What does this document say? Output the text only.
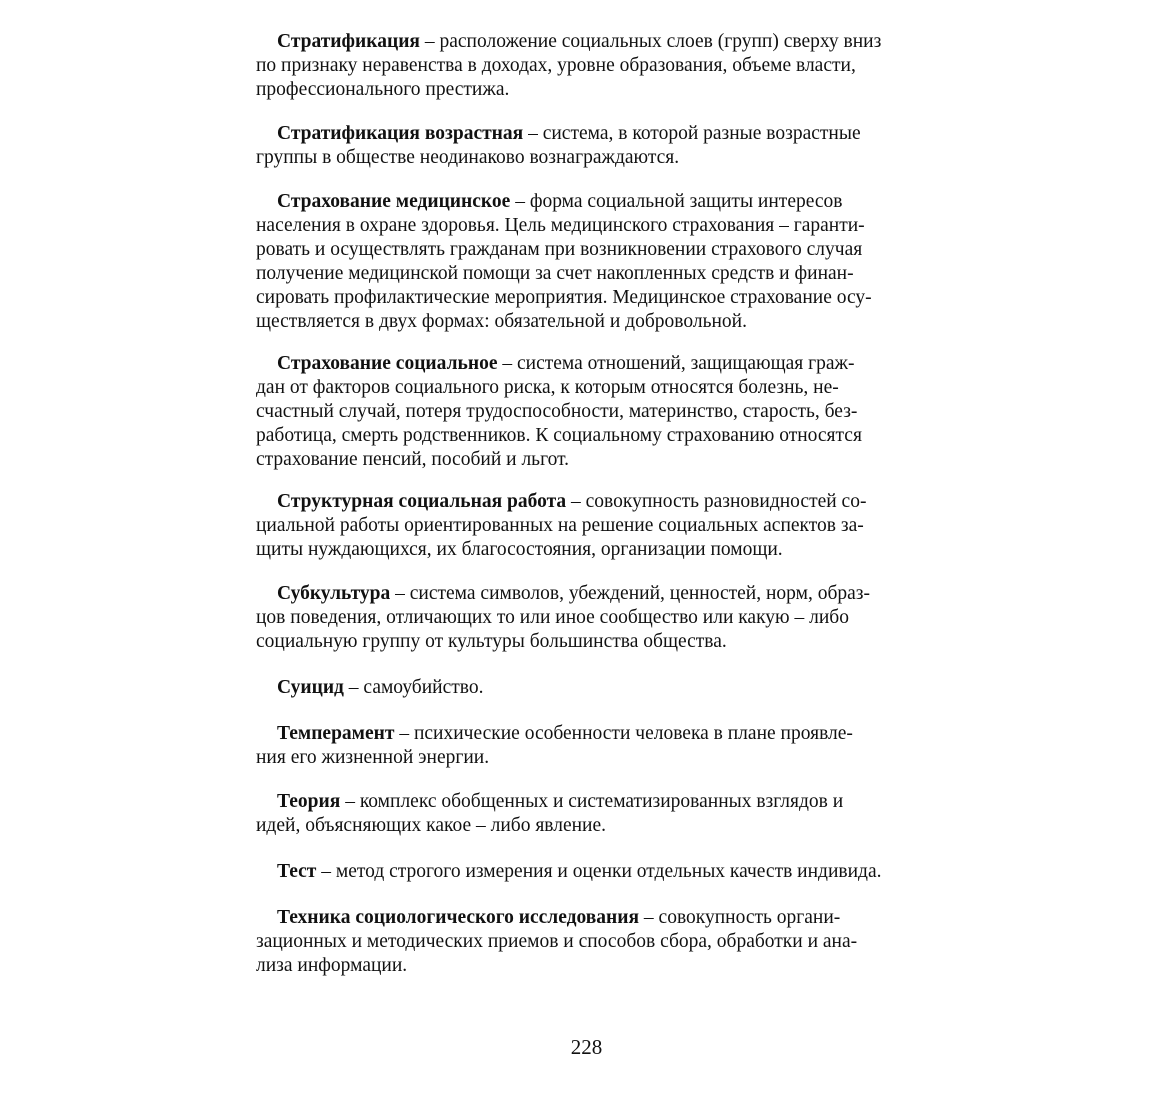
Стратификация – расположение социальных слоев (групп) сверху вниз
по признаку неравенства в доходах, уровне образования, объеме власти,
профессионального престижа.

Стратификация возрастная – система, в которой разные возрастные
группы в обществе неодинаково вознаграждаются.

Страхование медицинское – форма социальной защиты интересов
населения в охране здоровья. Цель медицинского страхования – гаранти-
ровать и осуществлять гражданам при возникновении страхового случая
получение медицинской помощи за счет накопленных средств и финан-
сировать профилактические мероприятия. Медицинское страхование осу-
ществляется в двух формах: обязательной и добровольной.

Страхование социальное – система отношений, защищающая граж-
дан от факторов социального риска, к которым относятся болезнь, не-
счастный случай, потеря трудоспособности, материнство, старость, без-
работица, смерть родственников. К социальному страхованию относятся
страхование пенсий, пособий и льгот.

Структурная социальная работа – совокупность разновидностей со-
циальной работы ориентированных на решение социальных аспектов за-
щиты нуждающихся, их благосостояния, организации помощи.

Субкультура – система символов, убеждений, ценностей, норм, образ-
цов поведения, отличающих то или иное сообщество или какую – либо
социальную группу от культуры большинства общества.

Суицид – самоубийство.

Темперамент – психические особенности человека в плане проявле-
ния его жизненной энергии.

Теория – комплекс обобщенных и систематизированных взглядов и
идей, объясняющих какое – либо явление.

Тест – метод строгого измерения и оценки отдельных качеств индивида.

Техника социологического исследования – совокупность органи-
зационных и методических приемов и способов сбора, обработки и ана-
лиза информации.

228
